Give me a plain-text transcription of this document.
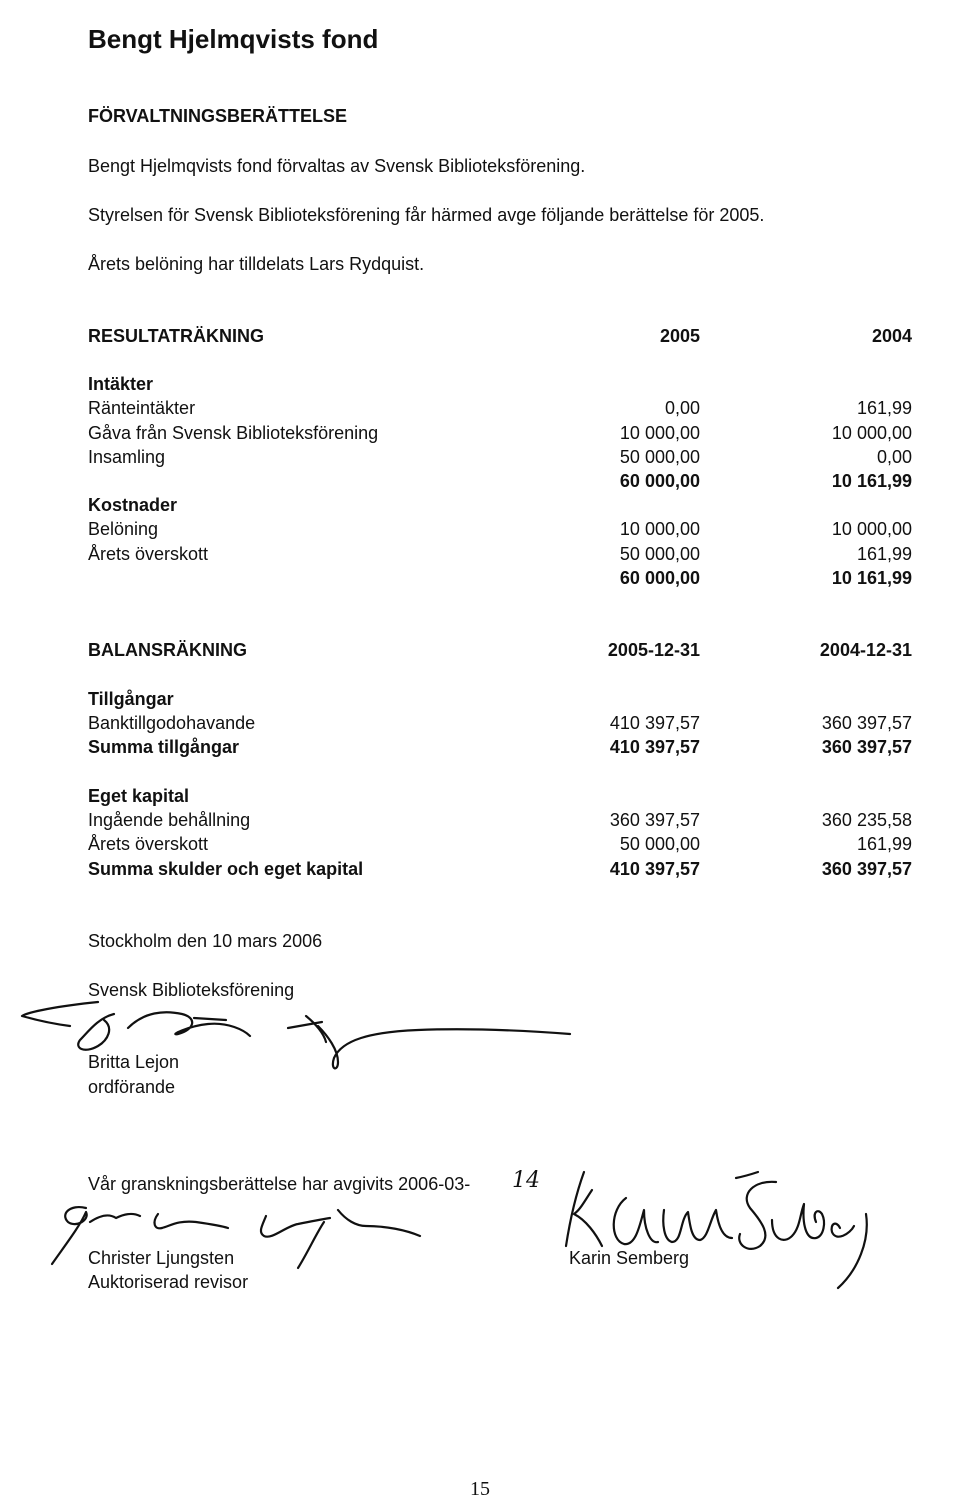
Bengt Hjelmqvists fond
FÖRVALTNINGSBERÄTTELSE
Bengt Hjelmqvists fond förvaltas av Svensk Biblioteksförening.
Styrelsen för Svensk Biblioteksförening får härmed avge följande berättelse för 2005.
Årets belöning har tilldelats Lars Rydquist.
RESULTATRÄKNING	2005	2004
Intäkter
Ränteintäkter	0,00	161,99
Gåva från Svensk Biblioteksförening	10 000,00	10 000,00
Insamling	50 000,00	0,00
60 000,00	10 161,99
Kostnader
Belöning	10 000,00	10 000,00
Årets överskott	50 000,00	161,99
60 000,00	10 161,99
BALANSRÄKNING	2005-12-31	2004-12-31
Tillgångar
Banktillgodohavande	410 397,57	360 397,57
Summa tillgångar	410 397,57	360 397,57
Eget kapital
Ingående behållning	360 397,57	360 235,58
Årets överskott	50 000,00	161,99
Summa skulder och eget kapital	410 397,57	360 397,57
Stockholm den 10 mars 2006
Svensk Biblioteksförening
Britta Lejon
ordförande
Vår granskningsberättelse har avgivits 2006-03- 14
Christer Ljungsten
Auktoriserad revisor
Karin Semberg
15
